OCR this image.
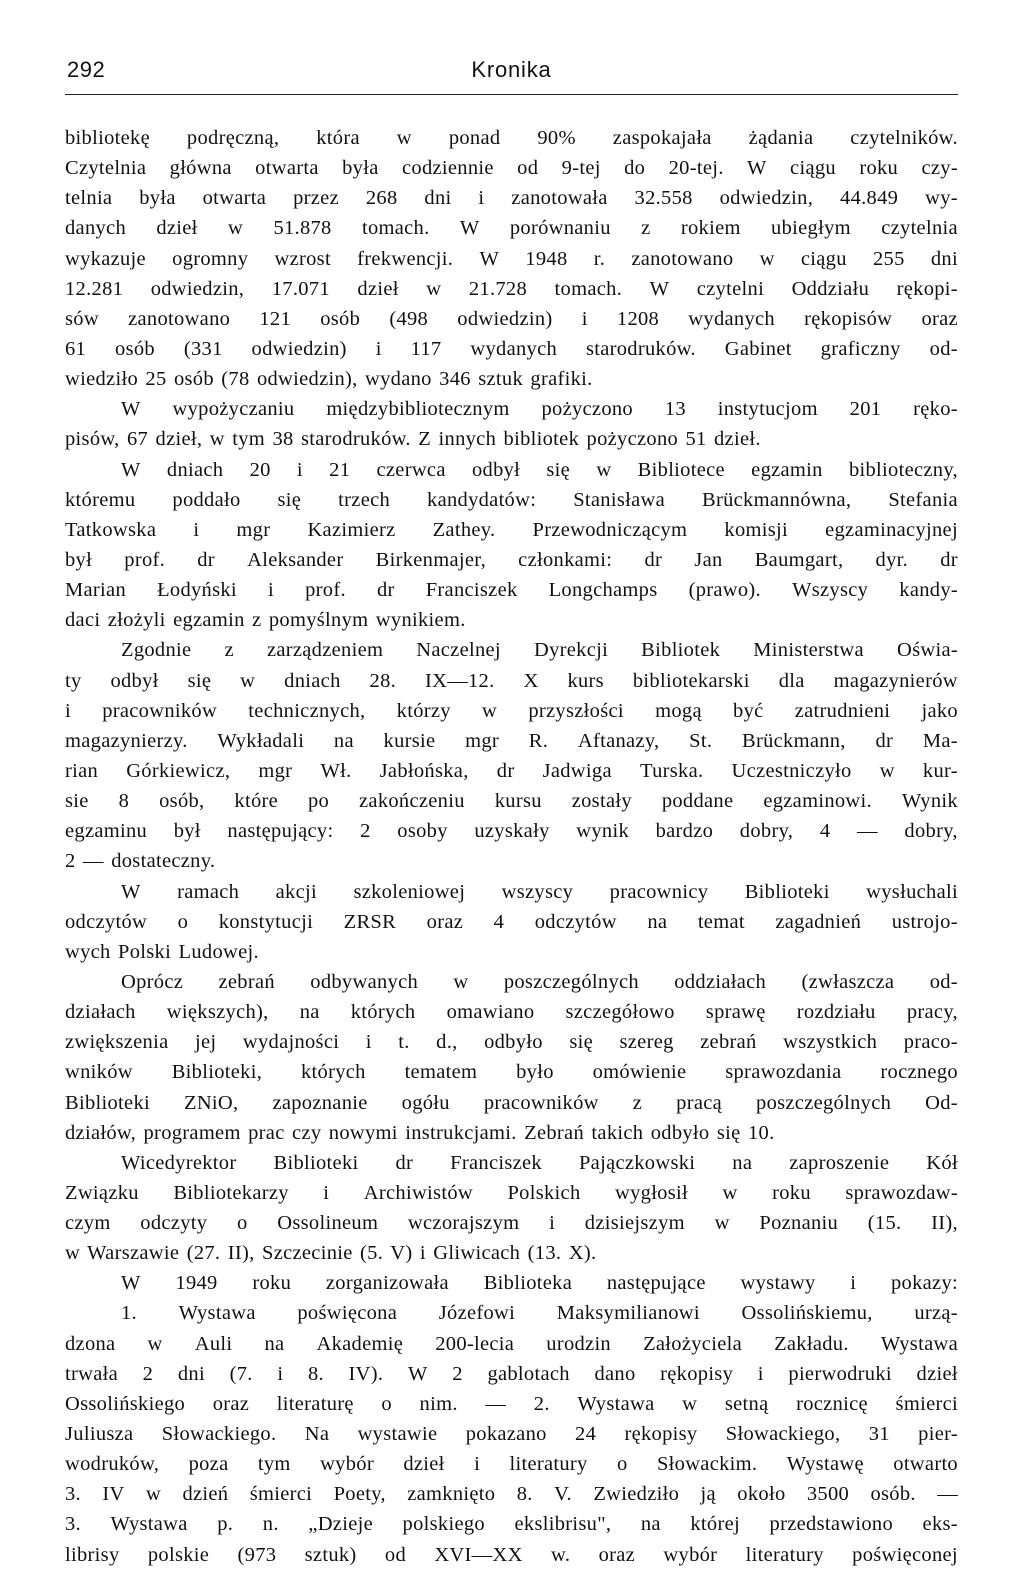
292	Kronika
bibliotekę podręczną, która w ponad 90% zaspokajała żądania czytelników.
Czytelnia główna otwarta była codziennie od 9-tej do 20-tej. W ciągu roku czy-
telnia była otwarta przez 268 dni i zanotowała 32.558 odwiedzin, 44.849 wy-
danych dzieł w 51.878 tomach. W porównaniu z rokiem ubiegłym czytelnia
wykazuje ogromny wzrost frekwencji. W 1948 r. zanotowano w ciągu 255 dni
12.281 odwiedzin, 17.071 dzieł w 21.728 tomach. W czytelni Oddziału rękopi-
sów zanotowano 121 osób (498 odwiedzin) i 1208 wydanych rękopisów oraz
61 osób (331 odwiedzin) i 117 wydanych starodruków. Gabinet graficzny od-
wiedziło 25 osób (78 odwiedzin), wydano 346 sztuk grafiki.
W wypożyczaniu międzybibliotecznym pożyczono 13 instytucjom 201 ręko-
pisów, 67 dzieł, w tym 38 starodruków. Z innych bibliotek pożyczono 51 dzieł.
W dniach 20 i 21 czerwca odbył się w Bibliotece egzamin biblioteczny,
któremu poddało się trzech kandydatów: Stanisława Brückmannówna, Stefania
Tatkowska i mgr Kazimierz Zathey. Przewodniczącym komisji egzaminacyjnej
był prof. dr Aleksander Birkenmajer, członkami: dr Jan Baumgart, dyr. dr
Marian Łodyński i prof. dr Franciszek Longchamps (prawo). Wszyscy kandy-
daci złożyli egzamin z pomyślnym wynikiem.
Zgodnie z zarządzeniem Naczelnej Dyrekcji Bibliotek Ministerstwa Oświa-
ty odbył się w dniach 28. IX—12. X kurs bibliotekarski dla magazynierów
i pracowników technicznych, którzy w przyszłości mogą być zatrudnieni jako
magazynierzy. Wykładali na kursie mgr R. Aftanazy, St. Brückmann, dr Ma-
rian Górkiewicz, mgr Wł. Jabłońska, dr Jadwiga Turska. Uczestniczyło w kur-
sie 8 osób, które po zakończeniu kursu zostały poddane egzaminowi. Wynik
egzaminu był następujący: 2 osoby uzyskały wynik bardzo dobry, 4 — dobry,
2 — dostateczny.
W ramach akcji szkoleniowej wszyscy pracownicy Biblioteki wysłuchali
odczytów o konstytucji ZRSR oraz 4 odczytów na temat zagadnień ustrojo-
wych Polski Ludowej.
Oprócz zebrań odbywanych w poszczególnych oddziałach (zwłaszcza od-
działach większych), na których omawiano szczegółowo sprawę rozdziału pracy,
zwiększenia jej wydajności i t. d., odbyło się szereg zebrań wszystkich praco-
wników Biblioteki, których tematem było omówienie sprawozdania rocznego
Biblioteki ZNiO, zapoznanie ogółu pracowników z pracą poszczególnych Od-
działów, programem prac czy nowymi instrukcjami. Zebrań takich odbyło się 10.
Wicedyrektor Biblioteki dr Franciszek Pajączkowski na zaproszenie Kół
Związku Bibliotekarzy i Archiwistów Polskich wygłosił w roku sprawozdaw-
czym odczyty o Ossolineum wczorajszym i dzisiejszym w Poznaniu (15. II),
w Warszawie (27. II), Szczecinie (5. V) i Gliwicach (13. X).
W 1949 roku zorganizowała Biblioteka następujące wystawy i pokazy:
1. Wystawa poświęcona Józefowi Maksymilianowi Ossolińskiemu, urzą-
dzona w Auli na Akademię 200-lecia urodzin Założyciela Zakładu. Wystawa
trwała 2 dni (7. i 8. IV). W 2 gablotach dano rękopisy i pierwodruki dzieł
Ossolińskiego oraz literaturę o nim. — 2. Wystawa w setną rocznicę śmierci
Juliusza Słowackiego. Na wystawie pokazano 24 rękopisy Słowackiego, 31 pier-
wodruków, poza tym wybór dzieł i literatury o Słowackim. Wystawę otwarto
3. IV w dzień śmierci Poety, zamknięto 8. V. Zwiedziło ją około 3500 osób. —
3. Wystawa p. n. „Dzieje polskiego ekslibrisu", na której przedstawiono eks-
librisy polskie (973 sztuk) od XVI—XX w. oraz wybór literatury poświęconej
